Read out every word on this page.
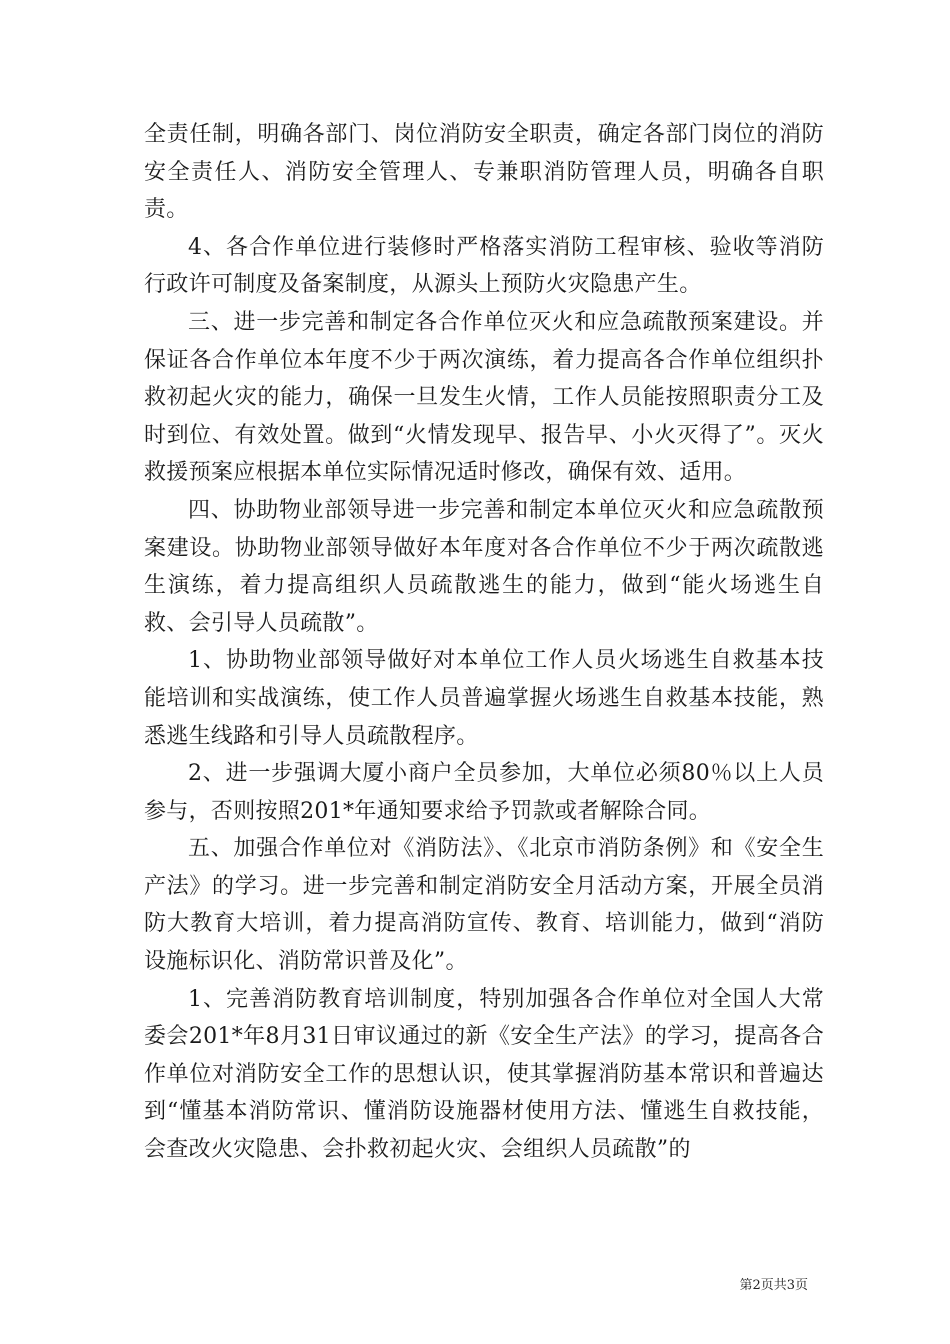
全责任制，明确各部门、岗位消防安全职责，确定各部门岗位的消防安全责任人、消防安全管理人、专兼职消防管理人员，明确各自职责。

4、各合作单位进行装修时严格落实消防工程审核、验收等消防行政许可制度及备案制度，从源头上预防火灾隐患产生。

三、进一步完善和制定各合作单位灭火和应急疏散预案建设。并保证各合作单位本年度不少于两次演练，着力提高各合作单位组织扑救初起火灾的能力，确保一旦发生火情，工作人员能按照职责分工及时到位、有效处置。做到“火情发现早、报告早、小火灭得了”。灭火救援预案应根据本单位实际情况适时修改，确保有效、适用。

四、协助物业部领导进一步完善和制定本单位灭火和应急疏散预案建设。协助物业部领导做好本年度对各合作单位不少于两次疏散逃生演练，着力提高组织人员疏散逃生的能力，做到“能火场逃生自救、会引导人员疏散”。

1、协助物业部领导做好对本单位工作人员火场逃生自救基本技能培训和实战演练，使工作人员普遍掌握火场逃生自救基本技能，熟悉逃生线路和引导人员疏散程序。

2、进一步强调大厦小商户全员参加，大单位必须80％以上人员参与，否则按照201*年通知要求给予罚款或者解除合同。

五、加强合作单位对《消防法》、《北京市消防条例》和《安全生产法》的学习。进一步完善和制定消防安全月活动方案，开展全员消防大教育大培训，着力提高消防宣传、教育、培训能力，做到“消防设施标识化、消防常识普及化”。

1、完善消防教育培训制度，特别加强各合作单位对全国人大常委会201*年8月31日审议通过的新《安全生产法》的学习，提高各合作单位对消防安全工作的思想认识，使其掌握消防基本常识和普遍达到“懂基本消防常识、懂消防设施器材使用方法、懂逃生自救技能，会查改火灾隐患、会扑救初起火灾、会组织人员疏散”的

第2页共3页
